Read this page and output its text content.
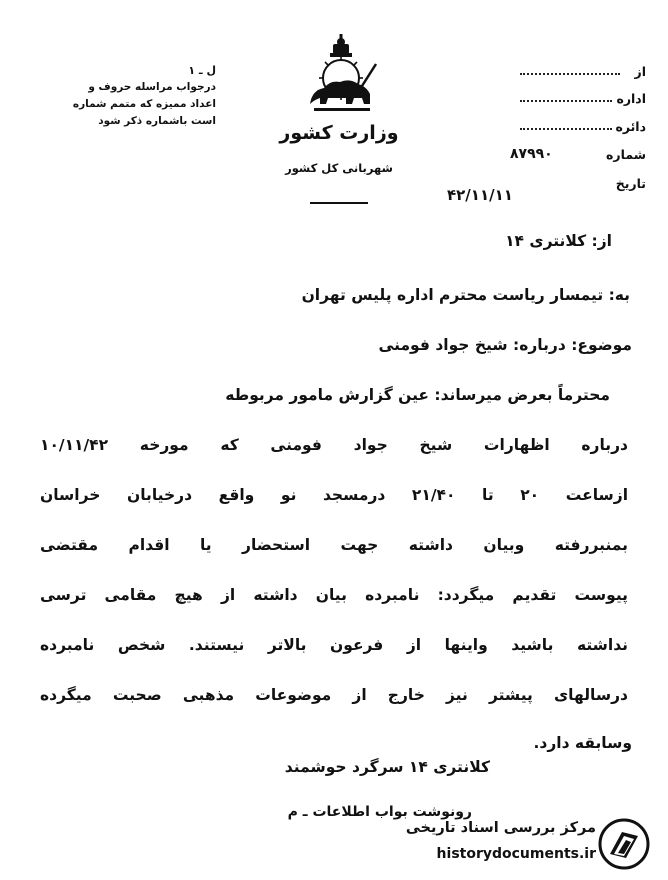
ل ـ ۱
درجواب مراسله حروف و
اعداد ممیزه که متمم شماره
است باشماره ذکر شود
وزارت کشور
شهربانی کل کشور
از
اداره
دائره
شماره
۸۷۹۹۰
تاریخ
۴۲/۱۱/۱۱
از: کلانتری ۱۴
به: تیمسار ریاست محترم اداره پلیس تهران
موضوع: درباره: شیخ جواد فومنی
محترماً بعرض میرساند: عین گزارش مامور مربوطه
درباره اظهارات شیخ جواد فومنی که مورخه ۱۰/۱۱/۴۲
ازساعت ۲۰ تا ۲۱/۴۰ درمسجد نو واقع درخیابان خراسان
بمنبررفته وبیان داشته جهت استحضار یا اقدام مقتضی
پیوست تقدیم میگردد: نامبرده بیان داشته از هیچ مقامی ترسی
نداشته باشید واینها از فرعون بالاتر نیستند. شخص نامبرده
درسالهای پیشتر نیز خارج از موضوعات مذهبی صحبت میگرده
وسابقه دارد.
کلانتری ۱۴ سرگرد حوشمند
رونوشت بواب اطلاعات ـ م
مرکز بررسی اسناد تاریخی
historydocuments.ir
